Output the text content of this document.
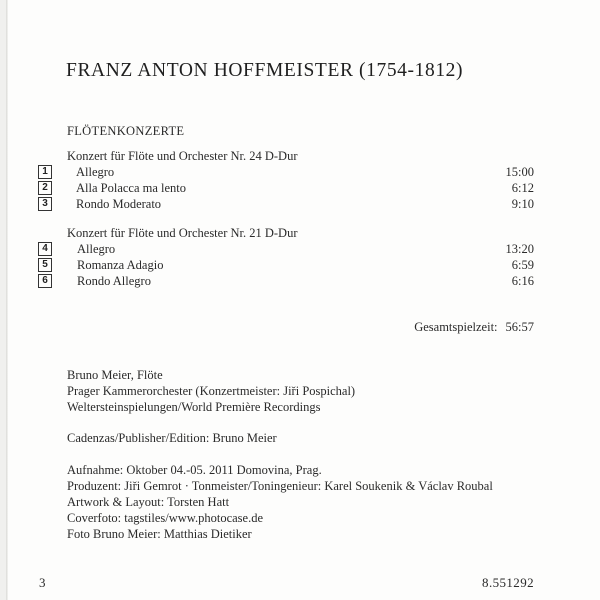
FRANZ ANTON HOFFMEISTER (1754-1812)
FLÖTENKONZERTE
Konzert für Flöte und Orchester Nr. 24 D-Dur
1	Allegro	15:00
2	Alla Polacca ma lento	6:12
3	Rondo Moderato	9:10
Konzert für Flöte und Orchester Nr. 21 D-Dur
4	Allegro	13:20
5	Romanza Adagio	6:59
6	Rondo Allegro	6:16
Gesamtspielzeit: 56:57
Bruno Meier, Flöte
Prager Kammerorchester (Konzertmeister: Jiři Pospichal)
Weltersteinspielungen/World Première Recordings
Cadenzas/Publisher/Edition: Bruno Meier
Aufnahme: Oktober 04.-05. 2011 Domovina, Prag.
Produzent: Jiři Gemrot · Tonmeister/Toningenieur: Karel Soukenik & Václav Roubal
Artwork & Layout: Torsten Hatt
Coverfoto: tagstiles/www.photocase.de
Foto Bruno Meier: Matthias Dietiker
3	8.551292
